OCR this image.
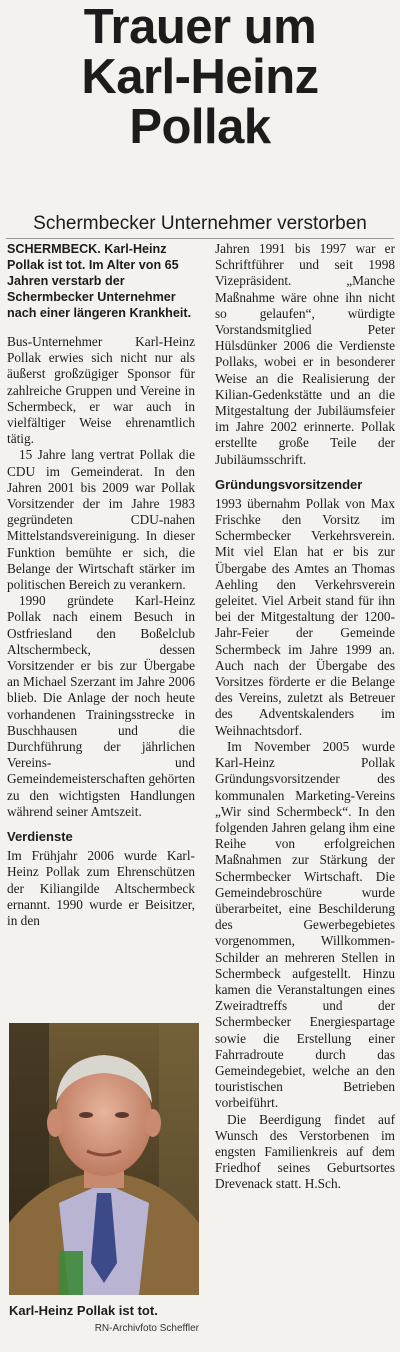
Trauer um
Karl-Heinz
Pollak
Schermbecker Unternehmer verstorben
SCHERMBECK. Karl-Heinz Pollak ist tot. Im Alter von 65 Jahren verstarb der Schermbecker Unternehmer nach einer längeren Krankheit.

Bus-Unternehmer Karl-Heinz Pollak erwies sich nicht nur als äußerst großzügiger Sponsor für zahlreiche Gruppen und Vereine in Schermbeck, er war auch in vielfältiger Weise ehrenamtlich tätig.

15 Jahre lang vertrat Pollak die CDU im Gemeinderat. In den Jahren 2001 bis 2009 war Pollak Vorsitzender der im Jahre 1983 gegründeten CDU-nahen Mittelstandsvereinigung. In dieser Funktion bemühte er sich, die Belange der Wirtschaft stärker im politischen Bereich zu verankern.

1990 gründete Karl-Heinz Pollak nach einem Besuch in Ostfriesland den Boßelclub Altschermbeck, dessen Vorsitzender er bis zur Übergabe an Michael Szerzant im Jahre 2006 blieb. Die Anlage der noch heute vorhandenen Trainingsstrecke in Buschhausen und die Durchführung der jährlichen Vereins- und Gemeindemeisterschaften gehörten zu den wichtigsten Handlungen während seiner Amtszeit.

Verdienste

Im Frühjahr 2006 wurde Karl-Heinz Pollak zum Ehrenschützen der Kiliangilde Altschermbeck ernannt. 1990 wurde er Beisitzer, in den

Karl-Heinz Pollak ist tot.
RN-Archivfoto Scheffler

Jahren 1991 bis 1997 war er Schriftführer und seit 1998 Vizepräsident. „Manche Maßnahme wäre ohne ihn nicht so gelaufen“, würdigte Vorstandsmitglied Peter Hülsdünker 2006 die Verdienste Pollaks, wobei er in besonderer Weise an die Realisierung der Kilian-Gedenkstätte und an die Mitgestaltung der Jubiläumsfeier im Jahre 2002 erinnerte. Pollak erstellte große Teile der Jubiläumsschrift.

Gründungsvorsitzender

1993 übernahm Pollak von Max Frischke den Vorsitz im Schermbecker Verkehrsverein. Mit viel Elan hat er bis zur Übergabe des Amtes an Thomas Aehling den Verkehrsverein geleitet. Viel Arbeit stand für ihn bei der Mitgestaltung der 1200-Jahr-Feier der Gemeinde Schermbeck im Jahre 1999 an. Auch nach der Übergabe des Vorsitzes förderte er die Belange des Vereins, zuletzt als Betreuer des Adventskalenders im Weihnachtsdorf.

Im November 2005 wurde Karl-Heinz Pollak Gründungsvorsitzender des kommunalen Marketing-Vereins „Wir sind Schermbeck“. In den folgenden Jahren gelang ihm eine Reihe von erfolgreichen Maßnahmen zur Stärkung der Schermbecker Wirtschaft. Die Gemeindebroschüre wurde überarbeitet, eine Beschilderung des Gewerbegebietes vorgenommen, Willkommen-Schilder an mehreren Stellen in Schermbeck aufgestellt. Hinzu kamen die Veranstaltungen eines Zweiradtreffs und der Schermbecker Energiespartage sowie die Erstellung einer Fahrradroute durch das Gemeindegebiet, welche an den touristischen Betrieben vorbeiführt.

Die Beerdigung findet auf Wunsch des Verstorbenen im engsten Familienkreis auf dem Friedhof seines Geburtsortes Drevenack statt. H.Sch.
